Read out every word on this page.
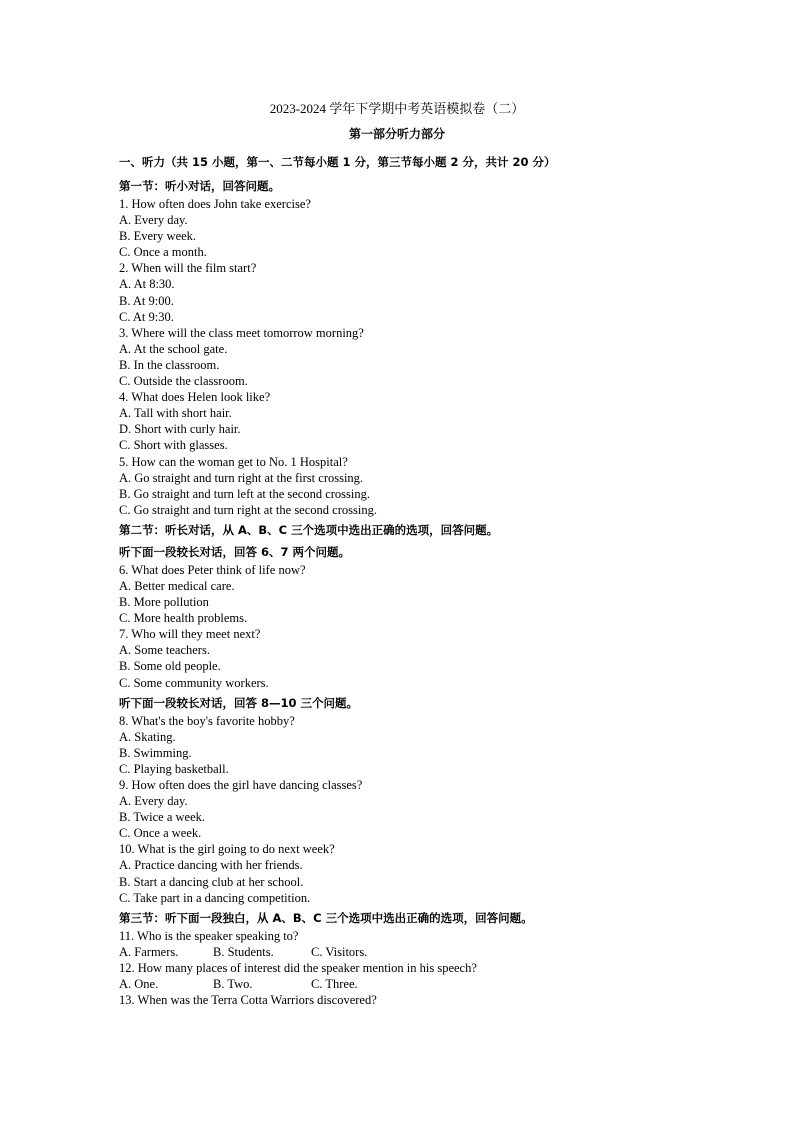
2023-2024 学年下学期中考英语模拟卷（二）
第一部分听力部分
一、听力（共 15 小题，第一、二节每小题 1 分，第三节每小题 2 分，共计 20 分）
第一节：听小对话，回答问题。
1. How often does John take exercise?
A. Every day.
B. Every week.
C. Once a month.
2. When will the film start?
A. At 8:30.
B. At 9:00.
C. At 9:30.
3. Where will the class meet tomorrow morning?
A. At the school gate.
B. In the classroom.
C. Outside the classroom.
4. What does Helen look like?
A. Tall with short hair.
D. Short with curly hair.
C. Short with glasses.
5. How can the woman get to No. 1 Hospital?
A. Go straight and turn right at the first crossing.
B. Go straight and turn left at the second crossing.
C. Go straight and turn right at the second crossing.
第二节：听长对话，从 A、B、C 三个选项中选出正确的选项，回答问题。
听下面一段较长对话，回答 6、7 两个问题。
6. What does Peter think of life now?
A. Better medical care.
B. More pollution
C. More health problems.
7. Who will they meet next?
A. Some teachers.
B. Some old people.
C. Some community workers.
听下面一段较长对话，回答 8—10 三个问题。
8. What's the boy's favorite hobby?
A. Skating.
B. Swimming.
C. Playing basketball.
9. How often does the girl have dancing classes?
A. Every day.
B. Twice a week.
C. Once a week.
10. What is the girl going to do next week?
A. Practice dancing with her friends.
B. Start a dancing club at her school.
C. Take part in a dancing competition.
第三节：听下面一段独白，从 A、B、C 三个选项中选出正确的选项，回答问题。
11. Who is the speaker speaking to?
A. Farmers.	B. Students.	C. Visitors.
12. How many places of interest did the speaker mention in his speech?
A. One.	B. Two.	C. Three.
13. When was the Terra Cotta Warriors discovered?
